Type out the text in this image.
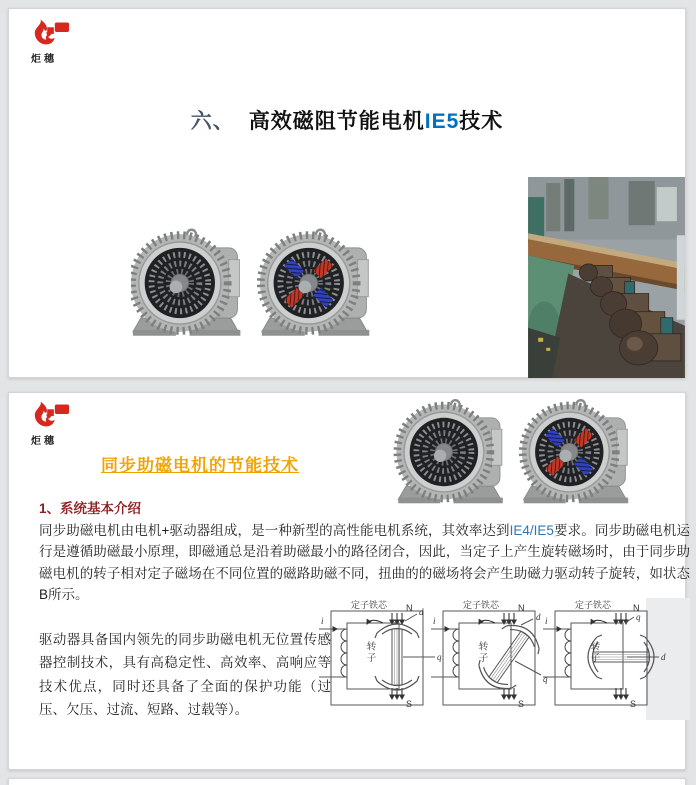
炬穗
六、 高效磁阻节能电机IE5技术
炬穗
同步助磁电机的节能技术
1、系统基本介绍

同步助磁电机由电机+驱动器组成，是一种新型的高性能电机系统，其效率达到IE4/IE5要求。同步助磁电机运行是遵循助磁最小原理，即磁通总是沿着助磁最小的路径闭合，因此，当定子上产生旋转磁场时，由于同步助磁电机的转子相对定子磁场在不同位置的磁路助磁不同，扭曲的的磁场将会产生助磁力驱动转子旋转，如状态B所示。

驱动器具备国内领先的同步助磁电机无位置传感器控制技术，具有高稳定性、高效率、高响应等技术优点，同时还具备了全面的保护功能（过压、欠压、过流、短路、过载等）。

定子铁芯
转子
N
S
d
q
i
定子铁芯
转子
N
S
d
q
i
定子铁芯
转子
N
S
d
q
i
